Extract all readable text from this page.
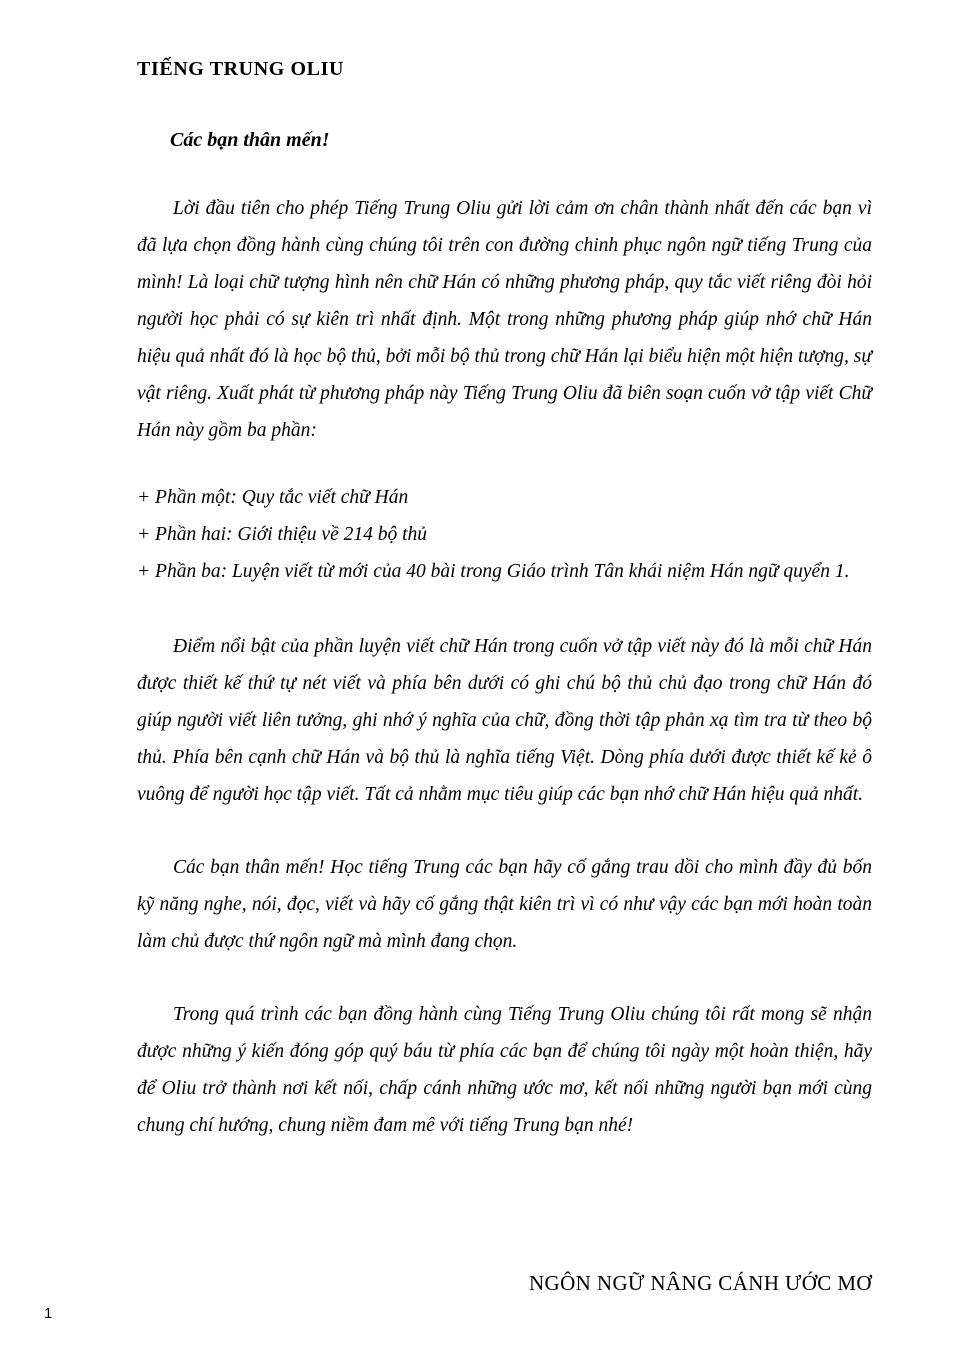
TIẾNG TRUNG OLIU

Các bạn thân mến!

Lời đầu tiên cho phép Tiếng Trung Oliu gửi lời cảm ơn chân thành nhất đến các bạn vì đã lựa chọn đồng hành cùng chúng tôi trên con đường chinh phục ngôn ngữ tiếng Trung của mình! Là loại chữ tượng hình nên chữ Hán có những phương pháp, quy tắc viết riêng đòi hỏi người học phải có sự kiên trì nhất định. Một trong những phương pháp giúp nhớ chữ Hán hiệu quả nhất đó là học bộ thủ, bởi mỗi bộ thủ trong chữ Hán lại biểu hiện một hiện tượng, sự vật riêng. Xuất phát từ phương pháp này Tiếng Trung Oliu đã biên soạn cuốn vở tập viết Chữ Hán này gồm ba phần:

+ Phần một: Quy tắc viết chữ Hán

+ Phần hai: Giới thiệu về 214 bộ thủ

+ Phần ba: Luyện viết từ mới của 40 bài trong Giáo trình Tân khái niệm Hán ngữ quyển 1.

Điểm nổi bật của phần luyện viết chữ Hán trong cuốn vở tập viết này đó là mỗi chữ Hán được thiết kế thứ tự nét viết và phía bên dưới có ghi chú bộ thủ chủ đạo trong chữ Hán đó giúp người viết liên tưởng, ghi nhớ ý nghĩa của chữ, đồng thời tập phản xạ tìm tra từ theo bộ thủ. Phía bên cạnh chữ Hán và bộ thủ là nghĩa tiếng Việt. Dòng phía dưới được thiết kế kẻ ô vuông để người học tập viết. Tất cả nhằm mục tiêu giúp các bạn nhớ chữ Hán hiệu quả nhất.

Các bạn thân mến! Học tiếng Trung các bạn hãy cố gắng trau dồi cho mình đầy đủ bốn kỹ năng nghe, nói, đọc, viết và hãy cố gắng thật kiên trì vì có như vậy các bạn mới hoàn toàn làm chủ được thứ ngôn ngữ mà mình đang chọn.

Trong quá trình các bạn đồng hành cùng Tiếng Trung Oliu chúng tôi rất mong sẽ nhận được những ý kiến đóng góp quý báu từ phía các bạn để chúng tôi ngày một hoàn thiện, hãy để Oliu trở thành nơi kết nối, chấp cánh những ước mơ, kết nối những người bạn mới cùng chung chí hướng, chung niềm đam mê với tiếng Trung bạn nhé!

NGÔN NGỮ NÂNG CÁNH ƯỚC MƠ
1
